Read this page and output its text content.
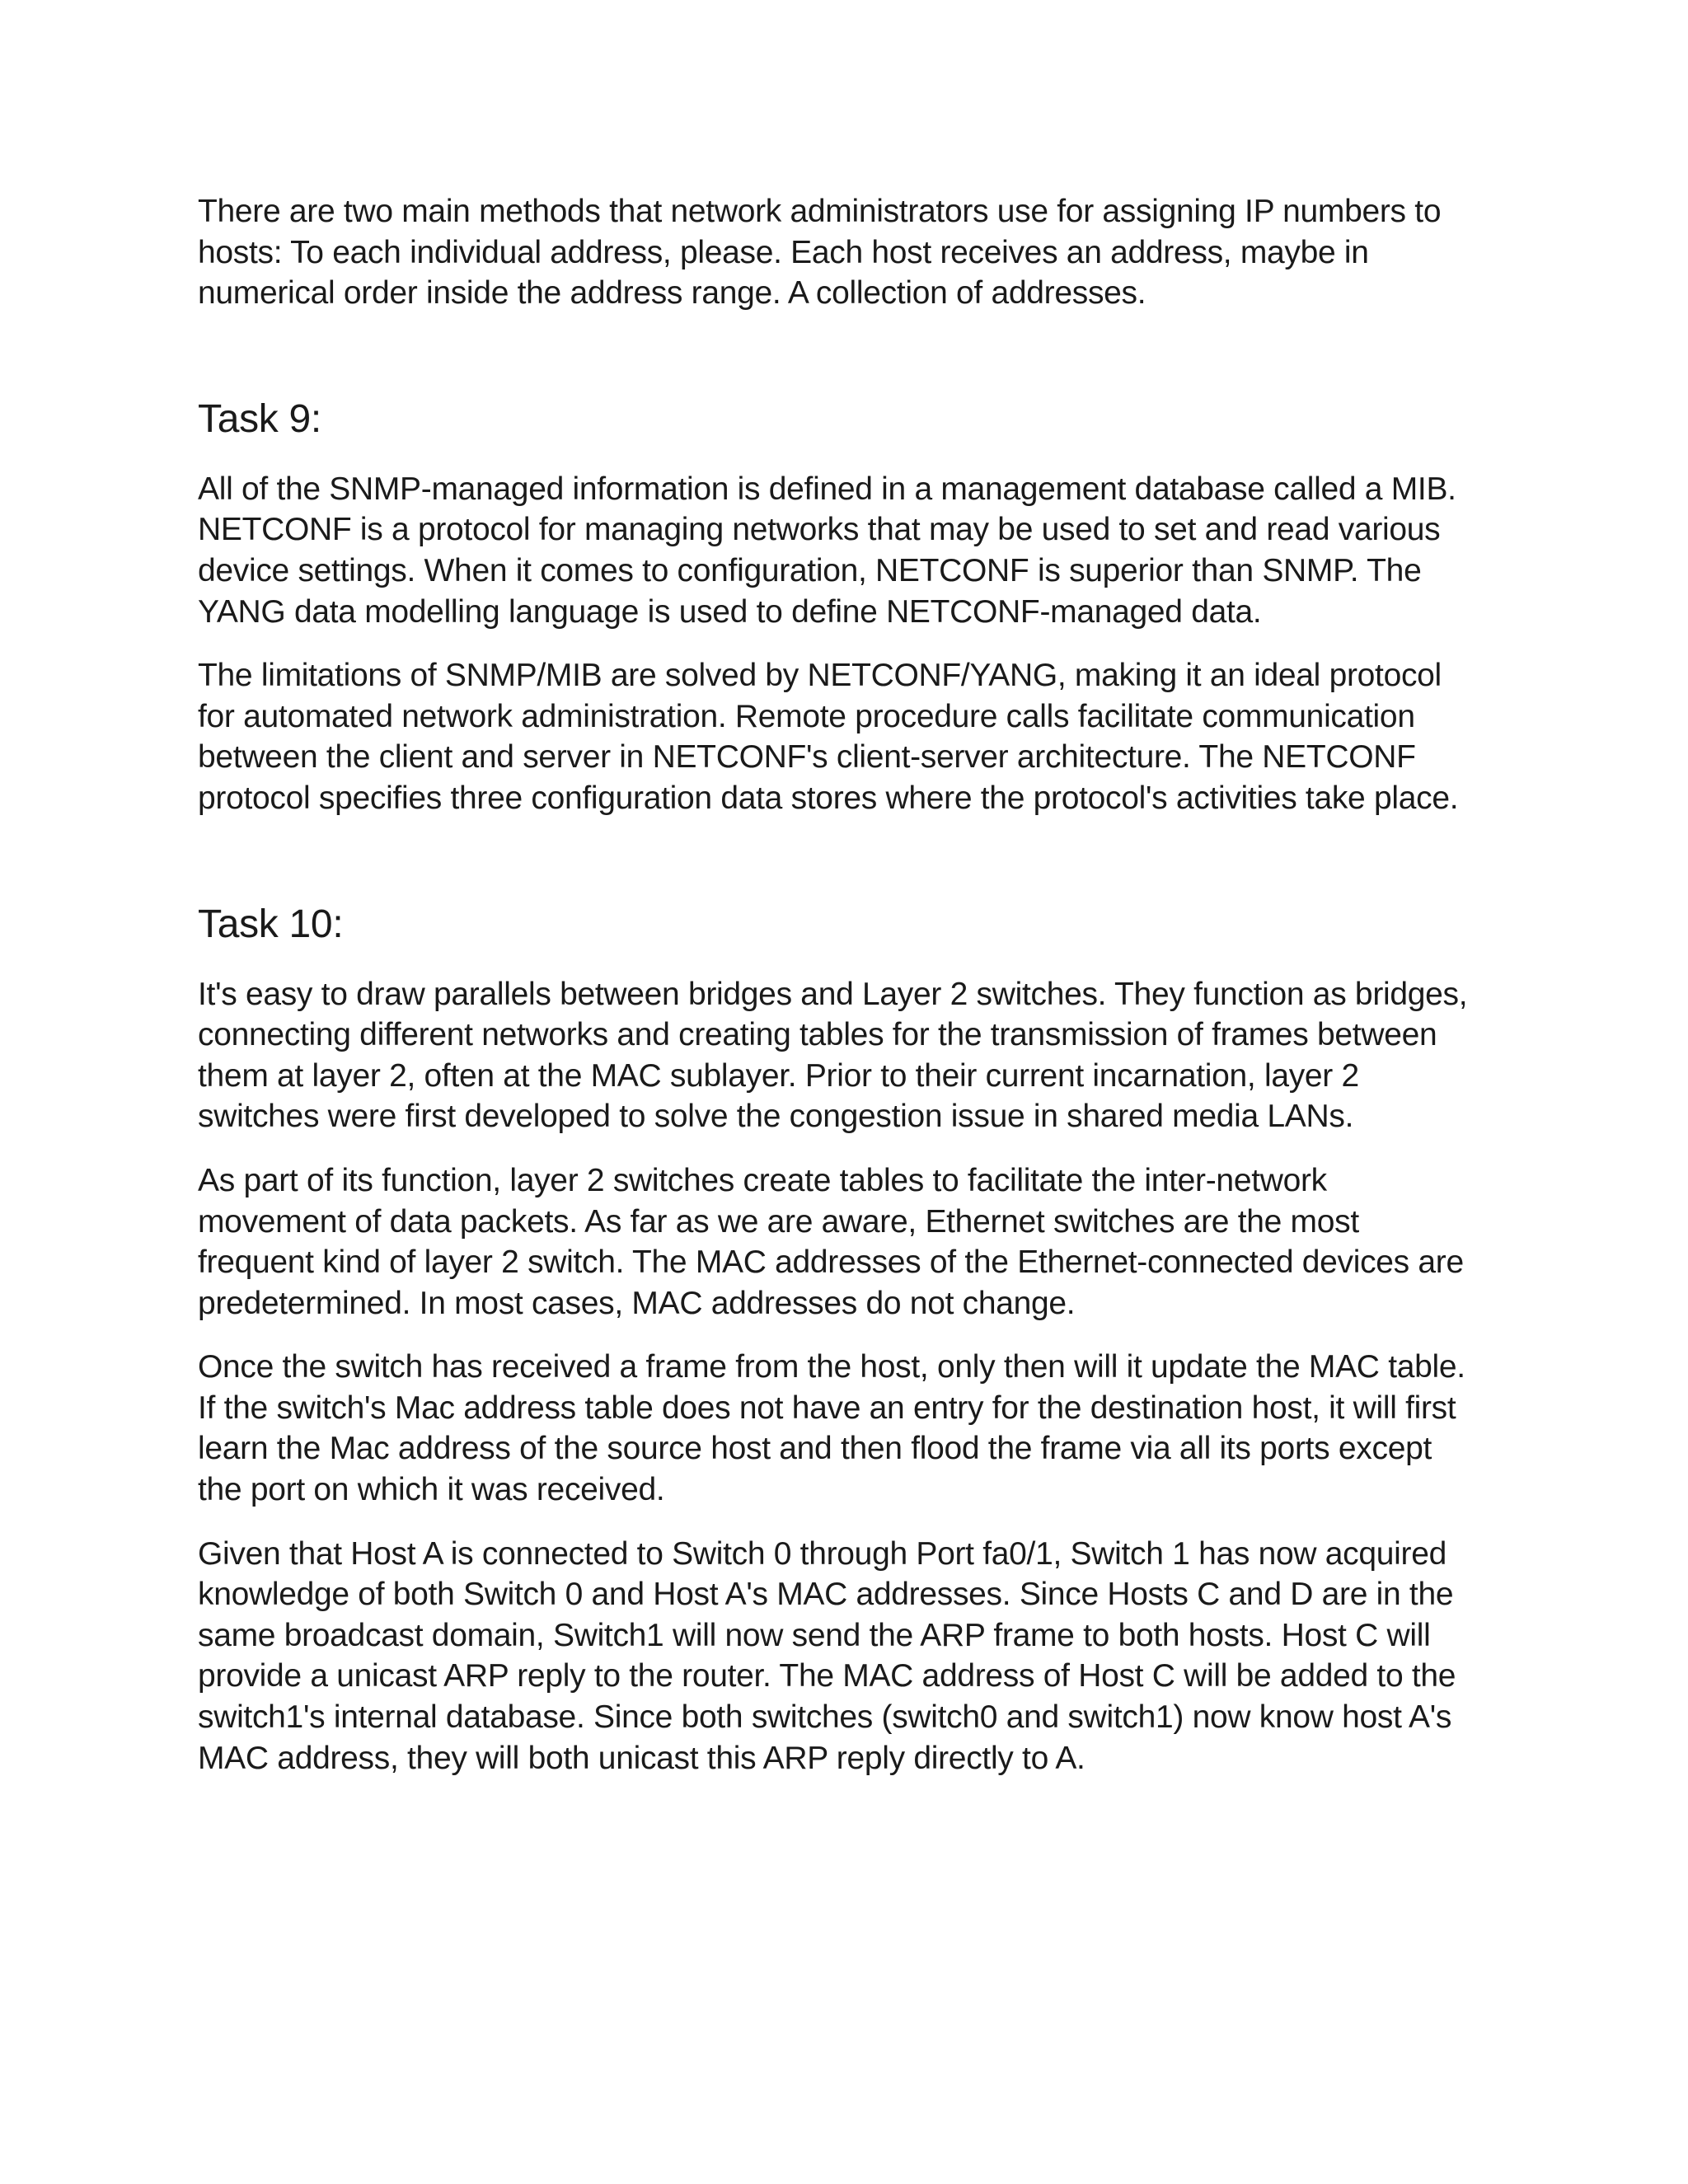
There are two main methods that network administrators use for assigning IP numbers to hosts: To each individual address, please. Each host receives an address, maybe in numerical order inside the address range. A collection of addresses.

Task 9:

All of the SNMP-managed information is defined in a management database called a MIB. NETCONF is a protocol for managing networks that may be used to set and read various device settings. When it comes to configuration, NETCONF is superior than SNMP. The YANG data modelling language is used to define NETCONF-managed data.

The limitations of SNMP/MIB are solved by NETCONF/YANG, making it an ideal protocol for automated network administration. Remote procedure calls facilitate communication between the client and server in NETCONF's client-server architecture. The NETCONF protocol specifies three configuration data stores where the protocol's activities take place.

Task 10:

It's easy to draw parallels between bridges and Layer 2 switches. They function as bridges, connecting different networks and creating tables for the transmission of frames between them at layer 2, often at the MAC sublayer. Prior to their current incarnation, layer 2 switches were first developed to solve the congestion issue in shared media LANs.

As part of its function, layer 2 switches create tables to facilitate the inter-network movement of data packets. As far as we are aware, Ethernet switches are the most frequent kind of layer 2 switch. The MAC addresses of the Ethernet-connected devices are predetermined. In most cases, MAC addresses do not change.

Once the switch has received a frame from the host, only then will it update the MAC table. If the switch's Mac address table does not have an entry for the destination host, it will first learn the Mac address of the source host and then flood the frame via all its ports except the port on which it was received.

Given that Host A is connected to Switch 0 through Port fa0/1, Switch 1 has now acquired knowledge of both Switch 0 and Host A's MAC addresses. Since Hosts C and D are in the same broadcast domain, Switch1 will now send the ARP frame to both hosts. Host C will provide a unicast ARP reply to the router. The MAC address of Host C will be added to the switch1's internal database. Since both switches (switch0 and switch1) now know host A's MAC address, they will both unicast this ARP reply directly to A.
